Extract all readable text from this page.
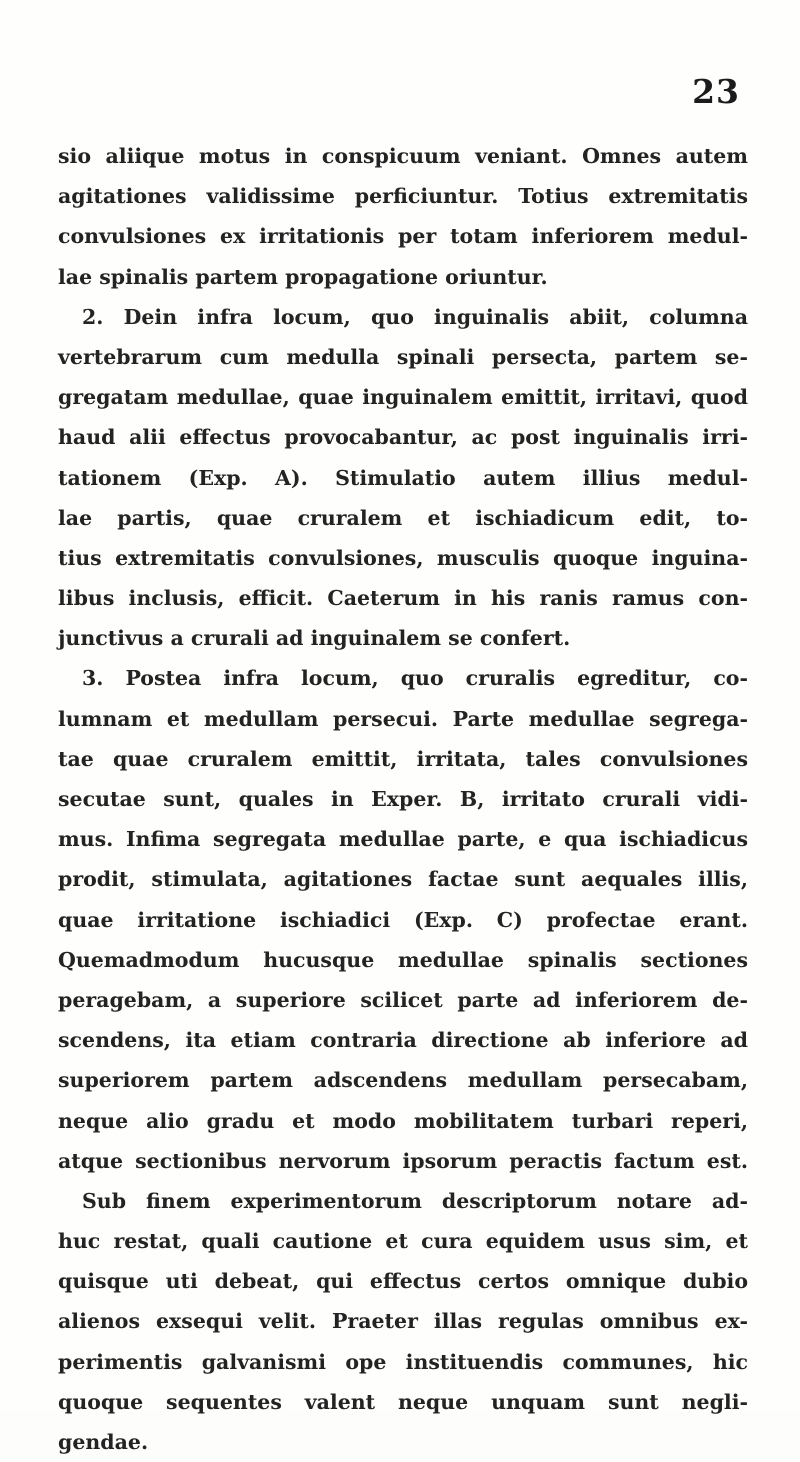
23
sio aliique motus in conspicuum veniant. Omnes autem
agitationes validissime perficiuntur. Totius extremitatis
convulsiones ex irritationis per totam inferiorem medul-
lae spinalis partem propagatione oriuntur.
2. Dein infra locum, quo inguinalis abiit, columna
vertebrarum cum medulla spinali persecta, partem se-
gregatam medullae, quae inguinalem emittit, irritavi, quod
haud alii effectus provocabantur, ac post inguinalis irri-
tationem (Exp. A). Stimulatio autem illius medul-
lae partis, quae cruralem et ischiadicum edit, to-
tius extremitatis convulsiones, musculis quoque inguina-
libus inclusis, efficit. Caeterum in his ranis ramus con-
junctivus a crurali ad inguinalem se confert.
3. Postea infra locum, quo cruralis egreditur, co-
lumnam et medullam persecui. Parte medullae segrega-
tae quae cruralem emittit, irritata, tales convulsiones
secutae sunt, quales in Exper. B, irritato crurali vidi-
mus. Infima segregata medullae parte, e qua ischiadicus
prodit, stimulata, agitationes factae sunt aequales illis,
quae irritatione ischiadici (Exp. C) profectae erant.
Quemadmodum hucusque medullae spinalis sectiones
peragebam, a superiore scilicet parte ad inferiorem de-
scendens, ita etiam contraria directione ab inferiore ad
superiorem partem adscendens medullam persecabam,
neque alio gradu et modo mobilitatem turbari reperi,
atque sectionibus nervorum ipsorum peractis factum est.
Sub finem experimentorum descriptorum notare ad-
huc restat, quali cautione et cura equidem usus sim, et
quisque uti debeat, qui effectus certos omnique dubio
alienos exsequi velit. Praeter illas regulas omnibus ex-
perimentis galvanismi ope instituendis communes, hic
quoque sequentes valent neque unquam sunt negli-
gendae.
